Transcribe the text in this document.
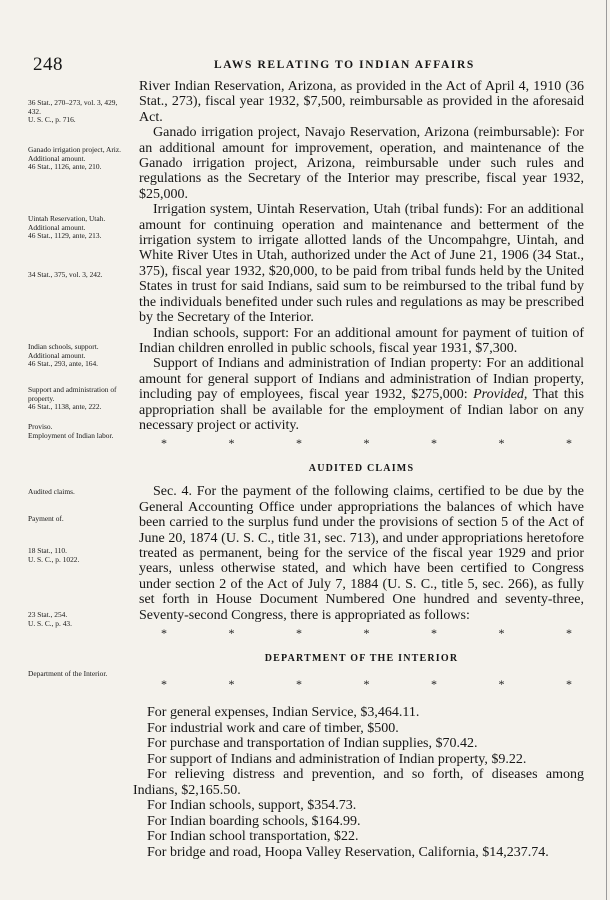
248	LAWS RELATING TO INDIAN AFFAIRS
36 Stat., 270–273, vol. 3, 429, 432.
U. S. C., p. 716.
Ganado irrigation project, Ariz.
Additional amount.
46 Stat., 1126, ante, 210.
Uintah Reservation, Utah.
Additional amount.
46 Stat., 1129, ante, 213.
34 Stat., 375, vol. 3, 242.
Indian schools, support.
Additional amount.
46 Stat., 293, ante, 164.
Support and administration of property.
46 Stat., 1138, ante, 222.
Proviso.
Employment of Indian labor.
Audited claims.
Payment of.
18 Stat., 110.
U. S. C., p. 1022.
23 Stat., 254.
U. S. C., p. 43.
Department of the Interior.

River Indian Reservation, Arizona, as provided in the Act of April 4, 1910 (36 Stat., 273), fiscal year 1932, $7,500, reimbursable as provided in the aforesaid Act.

Ganado irrigation project, Navajo Reservation, Arizona (reimbursable): For an additional amount for improvement, operation, and maintenance of the Ganado irrigation project, Arizona, reimbursable under such rules and regulations as the Secretary of the Interior may prescribe, fiscal year 1932, $25,000.

Irrigation system, Uintah Reservation, Utah (tribal funds): For an additional amount for continuing operation and maintenance and betterment of the irrigation system to irrigate allotted lands of the Uncompahgre, Uintah, and White River Utes in Utah, authorized under the Act of June 21, 1906 (34 Stat., 375), fiscal year 1932, $20,000, to be paid from tribal funds held by the United States in trust for said Indians, said sum to be reimbursed to the tribal fund by the individuals benefited under such rules and regulations as may be prescribed by the Secretary of the Interior.

Indian schools, support: For an additional amount for payment of tuition of Indian children enrolled in public schools, fiscal year 1931, $7,300.

Support of Indians and administration of Indian property: For an additional amount for general support of Indians and administration of Indian property, including pay of employees, fiscal year 1932, $275,000: Provided, That this appropriation shall be available for the employment of Indian labor on any necessary project or activity.

*	*	*	*	*	*	*
AUDITED CLAIMS

Sec. 4. For the payment of the following claims, certified to be due by the General Accounting Office under appropriations the balances of which have been carried to the surplus fund under the provisions of section 5 of the Act of June 20, 1874 (U. S. C., title 31, sec. 713), and under appropriations heretofore treated as permanent, being for the service of the fiscal year 1929 and prior years, unless otherwise stated, and which have been certified to Congress under section 2 of the Act of July 7, 1884 (U. S. C., title 5, sec. 266), as fully set forth in House Document Numbered One hundred and seventy-three, Seventy-second Congress, there is appropriated as follows:

*	*	*	*	*	*	*
DEPARTMENT OF THE INTERIOR
*	*	*	*	*	*	*

For general expenses, Indian Service, $3,464.11.

For industrial work and care of timber, $500.

For purchase and transportation of Indian supplies, $70.42.

For support of Indians and administration of Indian property, $9.22.

For relieving distress and prevention, and so forth, of diseases among Indians, $2,165.50.

For Indian schools, support, $354.73.

For Indian boarding schools, $164.99.

For Indian school transportation, $22.

For bridge and road, Hoopa Valley Reservation, California, $14,237.74.
